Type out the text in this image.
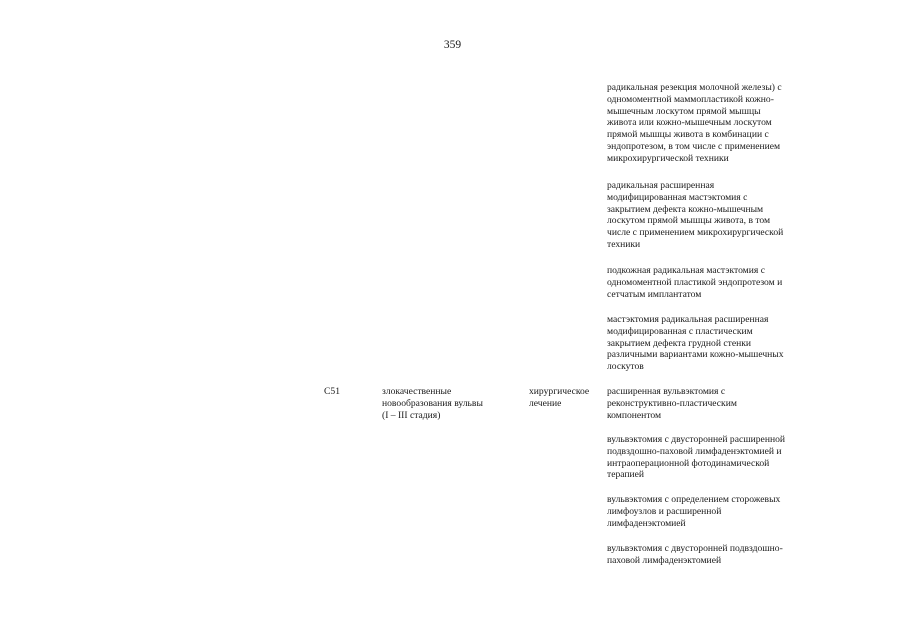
359
радикальная резекция молочной железы) с
одномоментной маммопластикой кожно-
мышечным лоскутом прямой мышцы
живота или кожно-мышечным лоскутом
прямой мышцы живота в комбинации с
эндопротезом, в том числе с применением
микрохирургической техники
радикальная расширенная
модифицированная мастэктомия с
закрытием дефекта кожно-мышечным
лоскутом прямой мышцы живота, в том
числе с применением микрохирургической
техники
подкожная радикальная мастэктомия с
одномоментной пластикой эндопротезом и
сетчатым имплантатом
мастэктомия радикальная расширенная
модифицированная с пластическим
закрытием дефекта грудной стенки
различными вариантами кожно-мышечных
лоскутов
С51	злокачественные
новообразования вульвы
(I – III стадия)
хирургическое
лечение
расширенная вульвэктомия с
реконструктивно-пластическим
компонентом
вульвэктомия с двусторонней расширенной
подвздошно-паховой лимфаденэктомией и
интраоперационной фотодинамической
терапией
вульвэктомия с определением сторожевых
лимфоузлов и расширенной
лимфаденэктомией
вульвэктомия с двусторонней подвздошно-
паховой лимфаденэктомией
